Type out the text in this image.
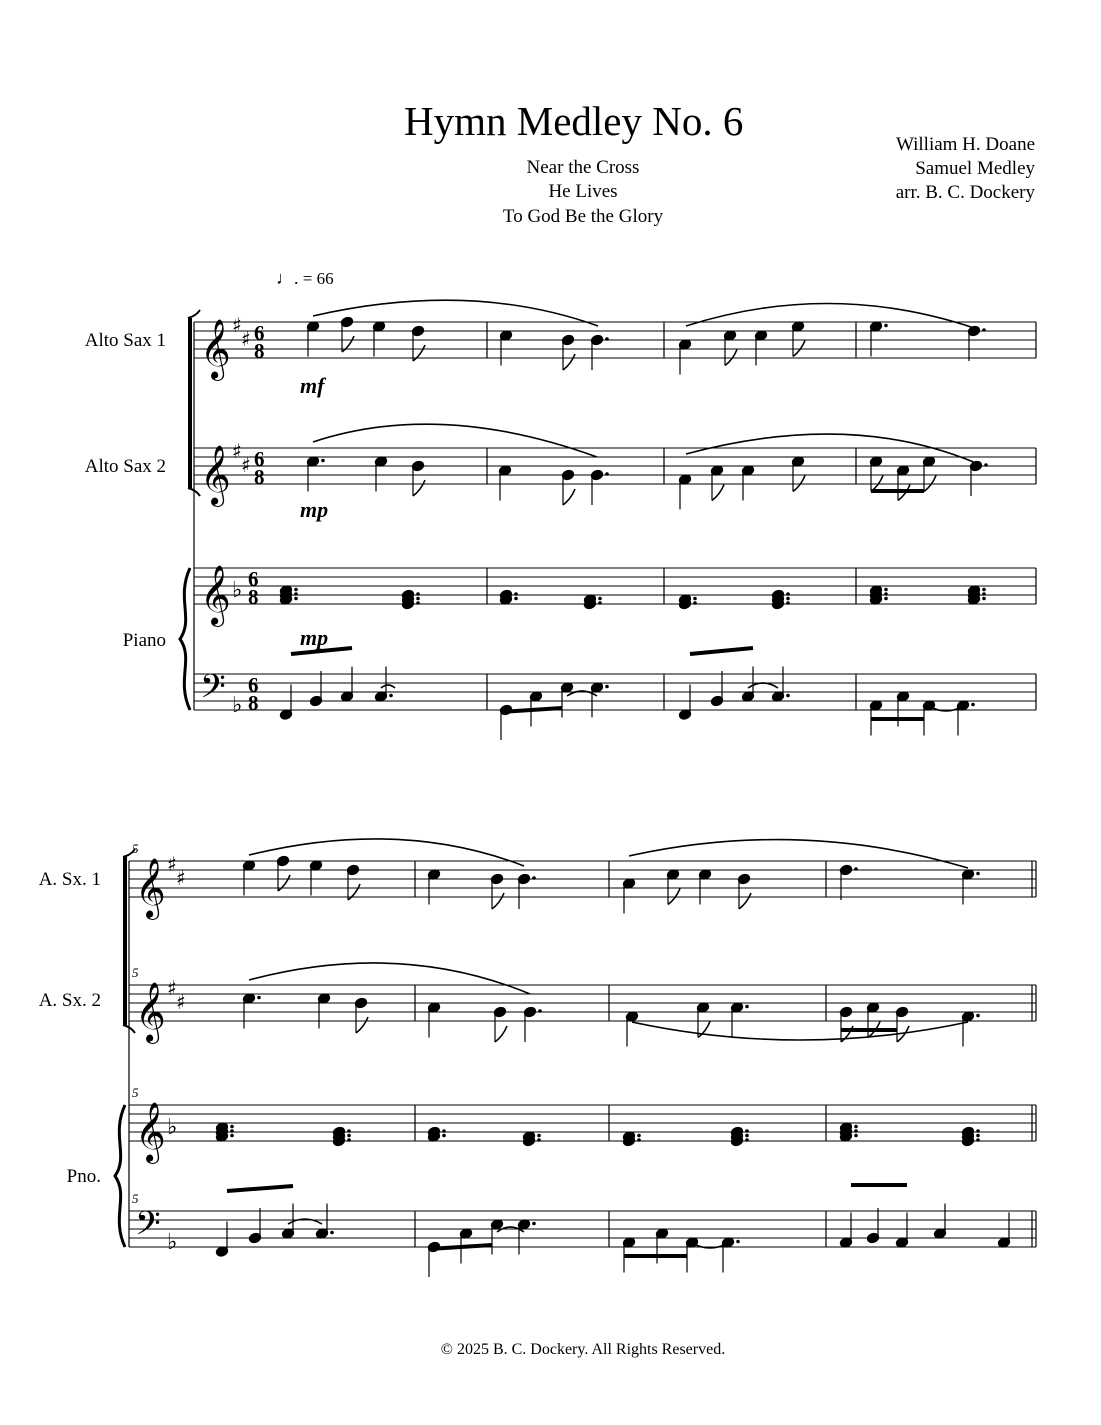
Hymn Medley No. 6
Near the Cross
He Lives
To God Be the Glory
William H. Doane
Samuel Medley
arr. B. C. Dockery
♩. = 66
Alto Sax 1
Alto Sax 2
Piano
A. Sx. 1
A. Sx. 2
Pno.
𝄞
𝄞
𝄞
𝄢
𝄞
𝄞
𝄞
𝄢
♯
♯
♯
♯
♭
♭
♯
♯
♯
♯
♭
♭
6
8
6
8
6
8
6
8
mf
mp
mp
5
5
5
5
© 2025 B. C. Dockery. All Rights Reserved.
